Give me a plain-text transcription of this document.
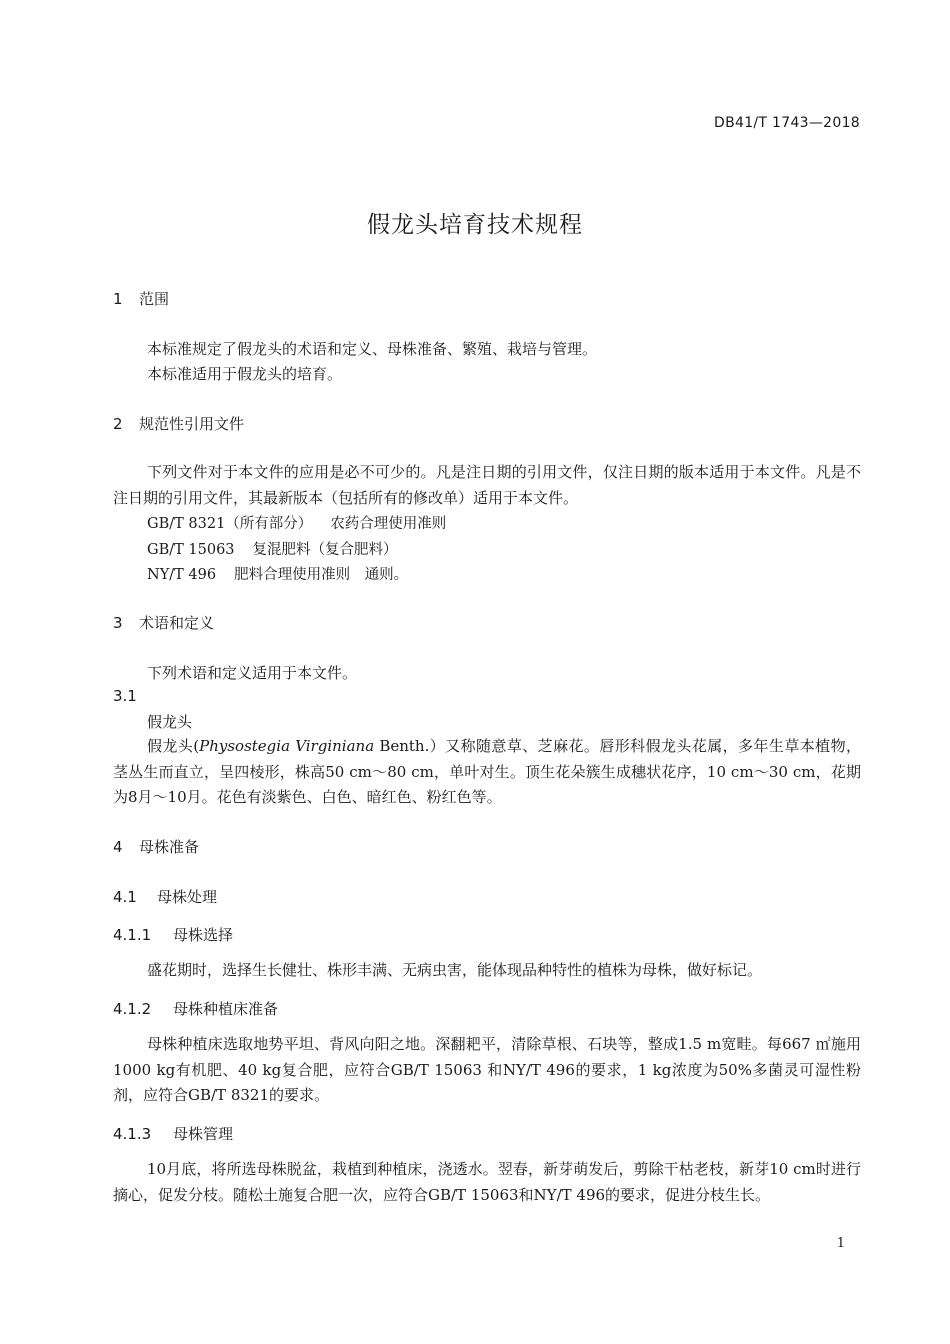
DB41/T 1743—2018
假龙头培育技术规程
1 范围
本标准规定了假龙头的术语和定义、母株准备、繁殖、栽培与管理。
本标准适用于假龙头的培育。
2 规范性引用文件
下列文件对于本文件的应用是必不可少的。凡是注日期的引用文件，仅注日期的版本适用于本文件。凡是不注日期的引用文件，其最新版本（包括所有的修改单）适用于本文件。
GB/T 8321（所有部分） 农药合理使用准则
GB/T 15063 复混肥料（复合肥料）
NY/T 496 肥料合理使用准则　通则。
3 术语和定义
下列术语和定义适用于本文件。
3.1
假龙头
假龙头(Physostegia Virginiana Benth.）又称随意草、芝麻花。唇形科假龙头花属，多年生草本植物，茎丛生而直立，呈四棱形，株高50 cm～80 cm，单叶对生。顶生花朵簇生成穗状花序，10 cm～30 cm，花期为8月～10月。花色有淡紫色、白色、暗红色、粉红色等。
4 母株准备
4.1 母株处理
4.1.1 母株选择
盛花期时，选择生长健壮、株形丰满、无病虫害，能体现品种特性的植株为母株，做好标记。
4.1.2 母株种植床准备
母株种植床选取地势平坦、背风向阳之地。深翻耙平，清除草根、石块等，整成1.5 m宽畦。每667 ㎡施用1000 kg有机肥、40 kg复合肥，应符合GB/T 15063 和NY/T 496的要求，1 kg浓度为50%多菌灵可湿性粉剂，应符合GB/T 8321的要求。
4.1.3 母株管理
10月底，将所选母株脱盆，栽植到种植床，浇透水。翌春，新芽萌发后，剪除干枯老枝，新芽10 cm时进行摘心，促发分枝。随松土施复合肥一次，应符合GB/T 15063和NY/T 496的要求，促进分枝生长。
1
